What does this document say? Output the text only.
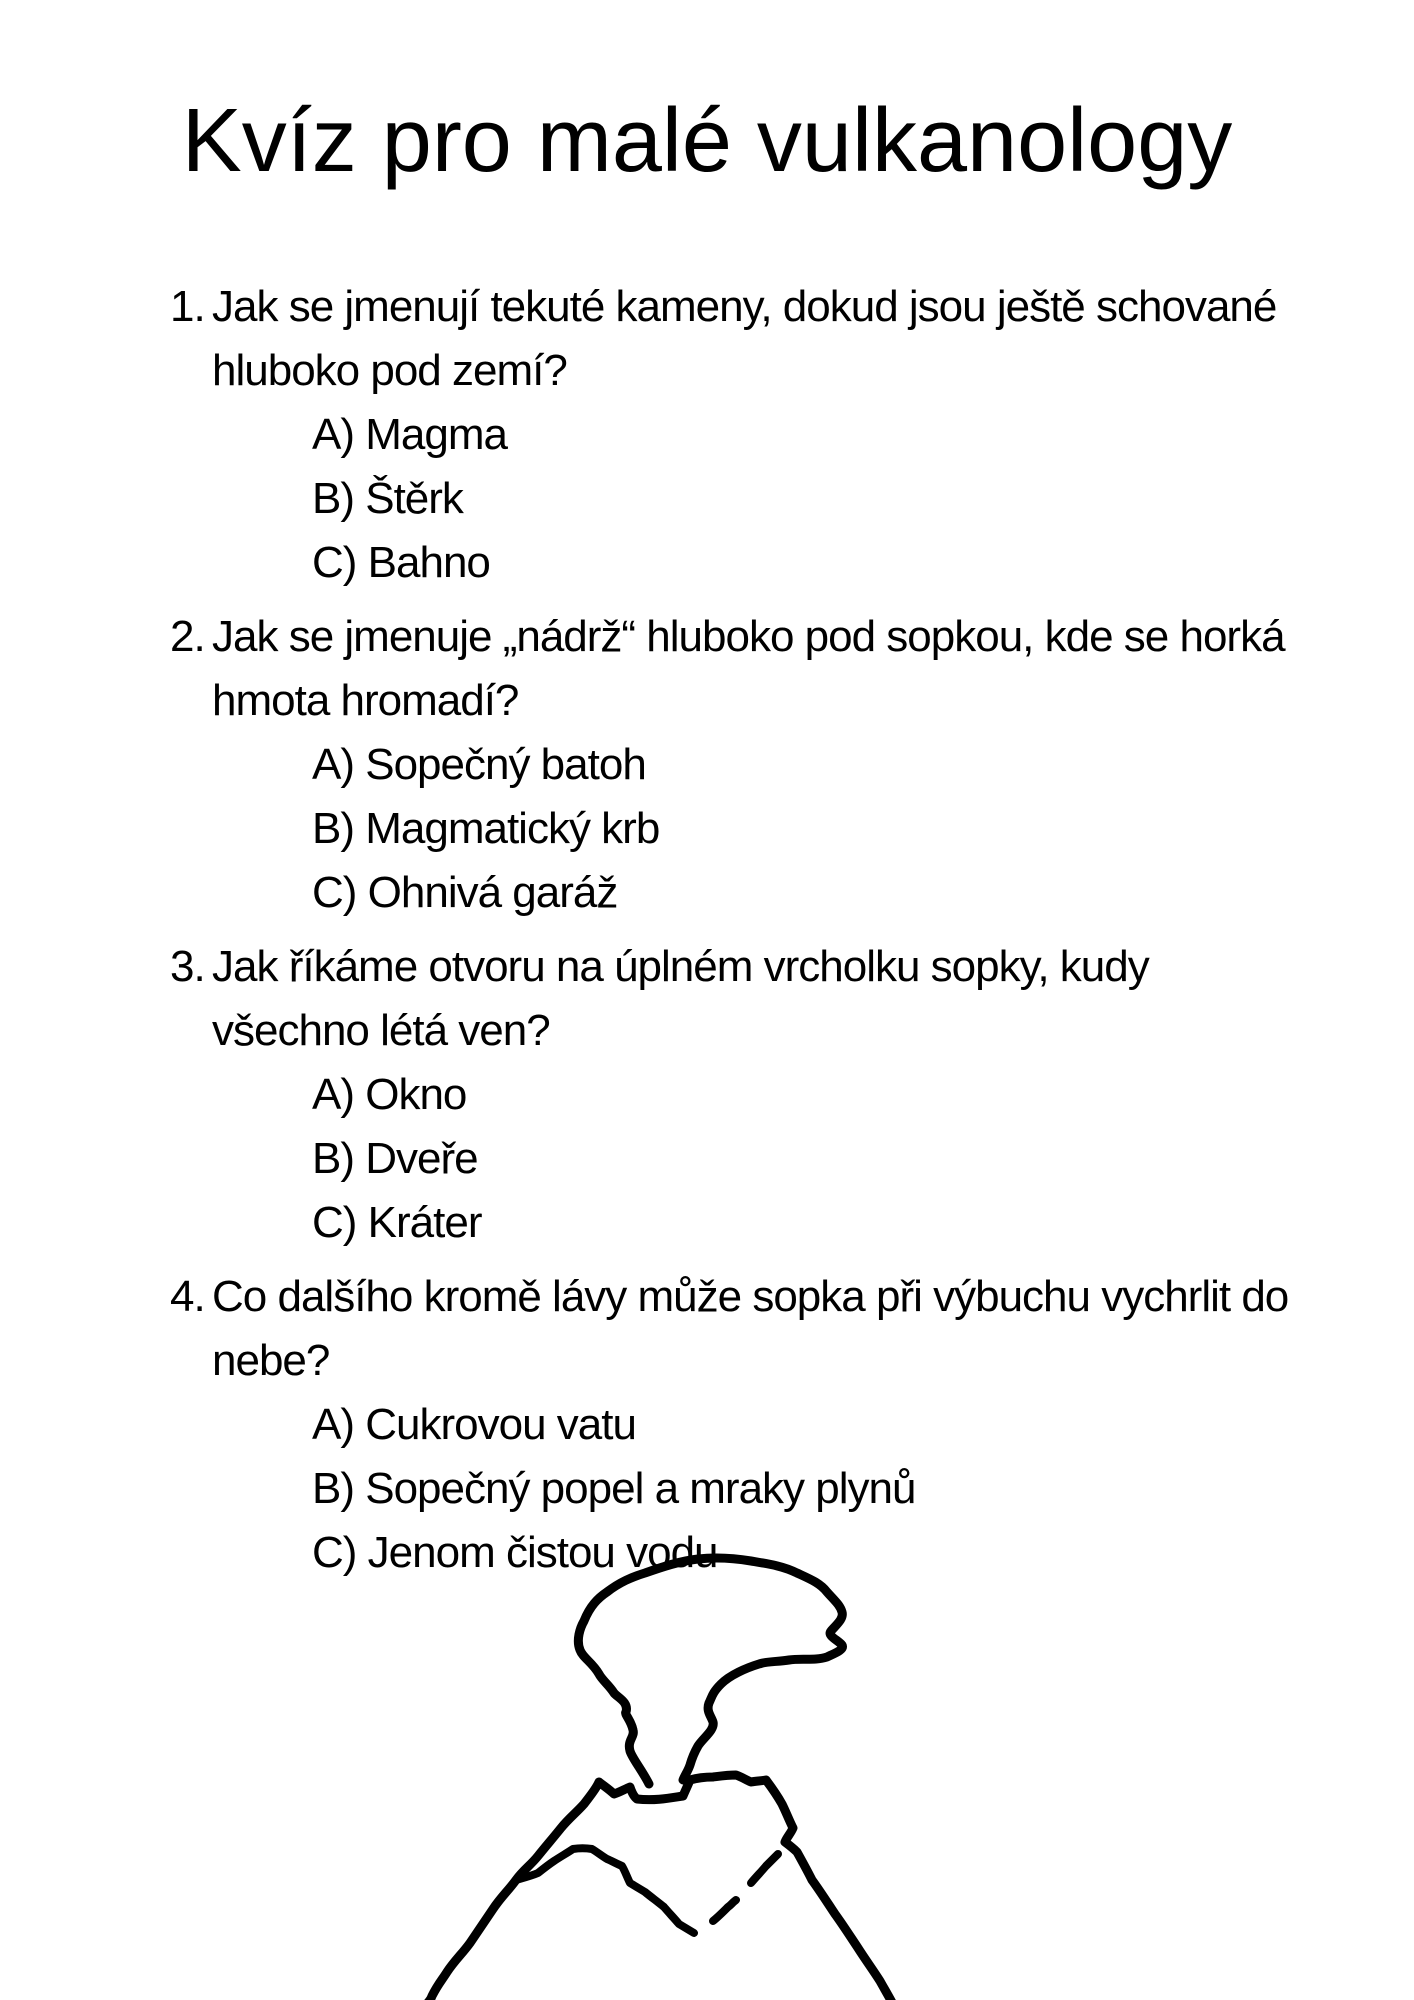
Kvíz pro malé vulkanology
1. Jak se jmenují tekuté kameny, dokud jsou ještě schované
hluboko pod zemí?
A) Magma
B) Štěrk
C) Bahno
2. Jak se jmenuje „nádrž“ hluboko pod sopkou, kde se horká
hmota hromadí?
A) Sopečný batoh
B) Magmatický krb
C) Ohnivá garáž
3. Jak říkáme otvoru na úplném vrcholku sopky, kudy
všechno létá ven?
A) Okno
B) Dveře
C) Kráter
4. Co dalšího kromě lávy může sopka při výbuchu vychrlit do
nebe?
A) Cukrovou vatu
B) Sopečný popel a mraky plynů
C) Jenom čistou vodu
